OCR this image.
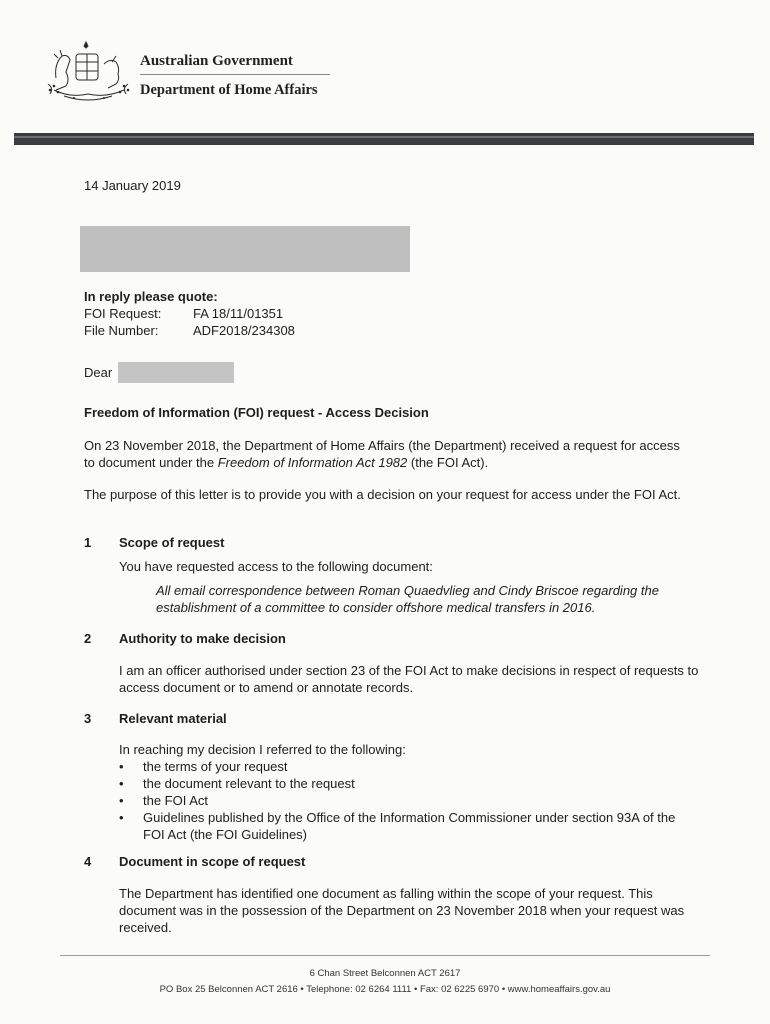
Australian Government
Department of Home Affairs
14 January 2019
In reply please quote:
FOI Request: FA 18/11/01351
File Number:	ADF2018/234308
Dear
Freedom of Information (FOI) request - Access Decision
On 23 November 2018, the Department of Home Affairs (the Department) received a request for access to document under the Freedom of Information Act 1982 (the FOI Act).
The purpose of this letter is to provide you with a decision on your request for access under the FOI Act.
1 Scope of request
You have requested access to the following document:
All email correspondence between Roman Quaedvlieg and Cindy Briscoe regarding the establishment of a committee to consider offshore medical transfers in 2016.
2 Authority to make decision
I am an officer authorised under section 23 of the FOI Act to make decisions in respect of requests to access document or to amend or annotate records.
3 Relevant material
In reaching my decision I referred to the following:
• the terms of your request
• the document relevant to the request
• the FOI Act
• Guidelines published by the Office of the Information Commissioner under section 93A of the FOI Act (the FOI Guidelines)
4 Document in scope of request
The Department has identified one document as falling within the scope of your request. This document was in the possession of the Department on 23 November 2018 when your request was received.
6 Chan Street Belconnen ACT 2617
PO Box 25 Belconnen ACT 2616 • Telephone: 02 6264 1111 • Fax: 02 6225 6970 • www.homeaffairs.gov.au
